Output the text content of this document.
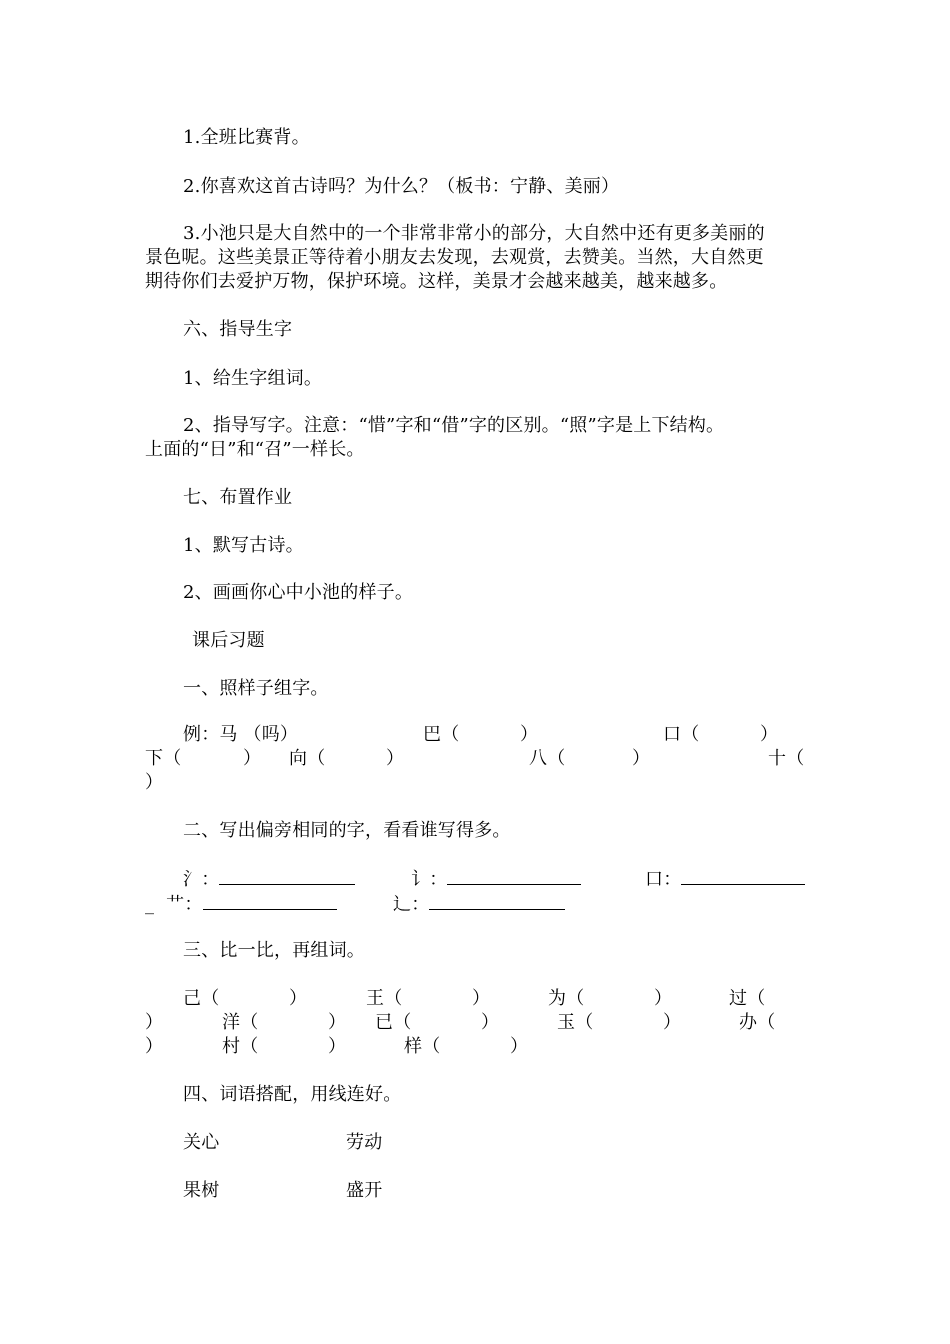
1.全班比赛背。
2.你喜欢这首古诗吗？为什么？（板书：宁静、美丽）
3.小池只是大自然中的一个非常非常小的部分，大自然中还有更多美丽的
景色呢。这些美景正等待着小朋友去发现，去观赏，去赞美。当然，大自然更
期待你们去爱护万物，保护环境。这样，美景才会越来越美，越来越多。
六、指导生字
1、给生字组词。
2、指导写字。注意：“惜”字和“借”字的区别。“照”字是上下结构。
上面的“日”和“召”一样长。
七、布置作业
1、默写古诗。
2、画画你心中小池的样子。
课后习题
一、照样子组字。
例：马 （吗）	巴（	）	口（	）
下（	） 向（	）	八（	）	十（
）
二、写出偏旁相同的字，看看谁写得多。
氵：	讠：	口：
_ 艹：	辶：
三、比一比，再组词。
己（	）	王（	）	为（	）	过（
）	洋（	） 已（	）	玉（	）	办（
）	村（	）	样（	）
四、词语搭配，用线连好。
关心	劳动
果树	盛开
